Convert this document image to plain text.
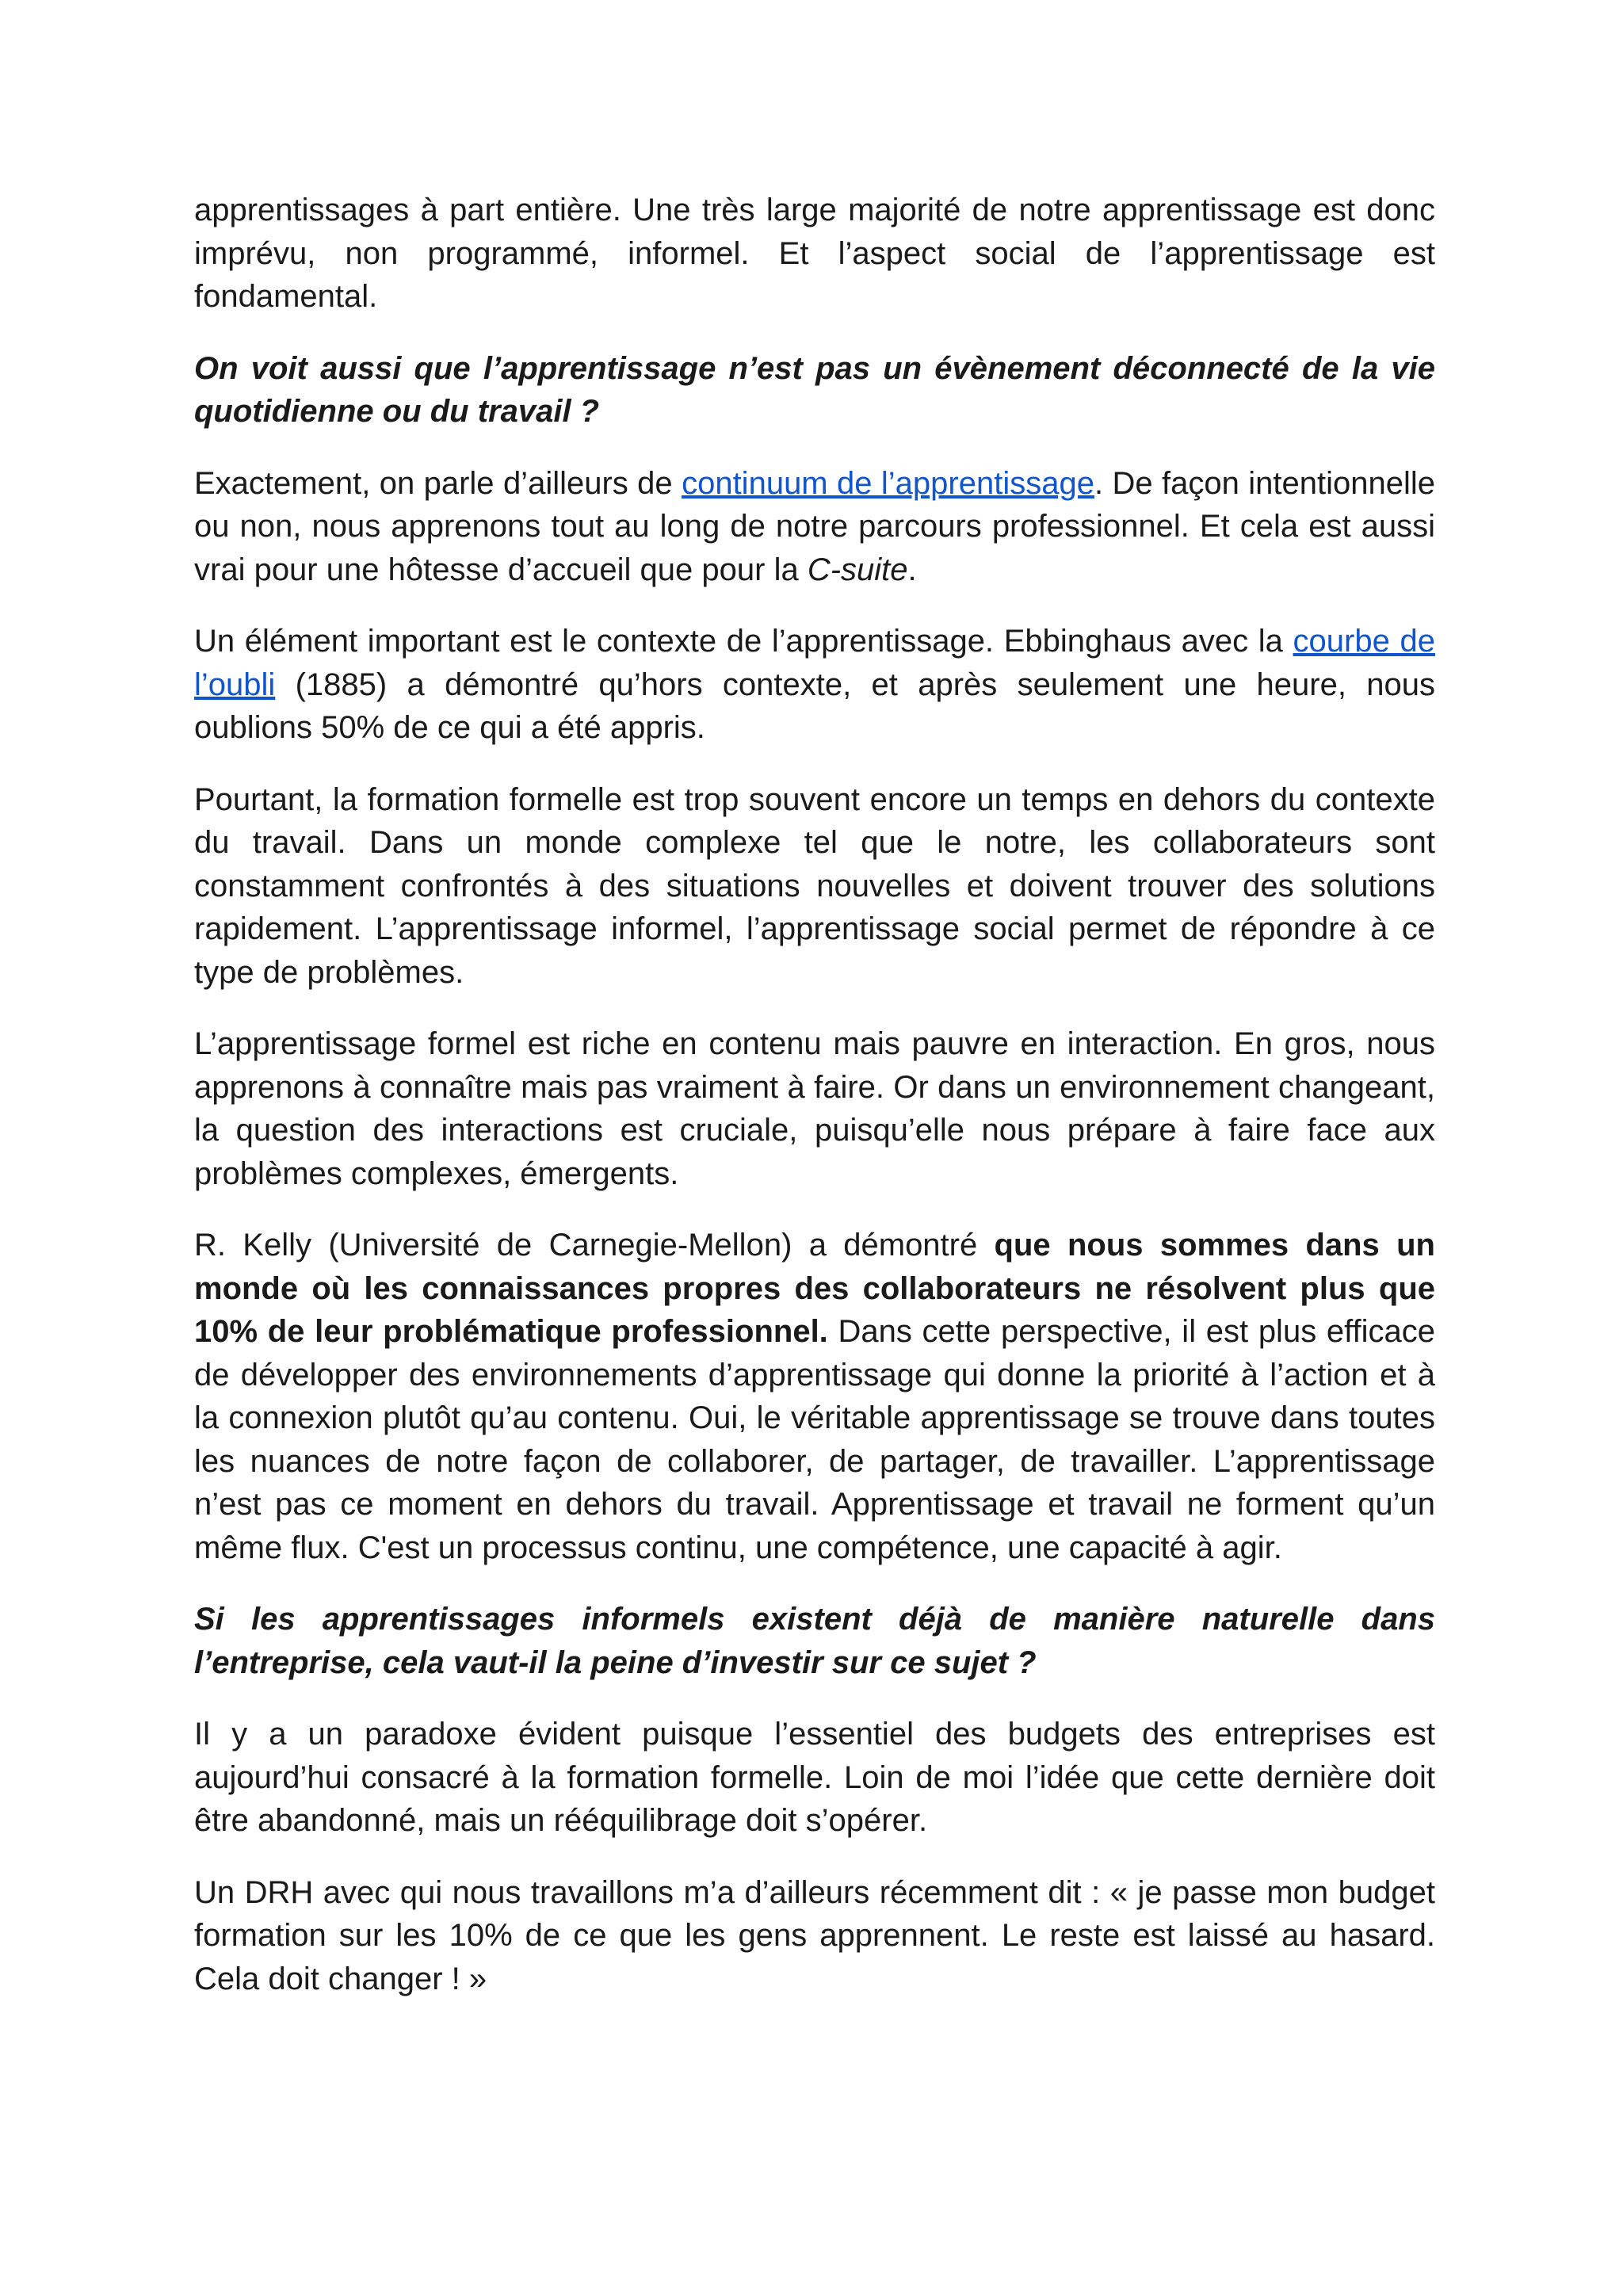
apprentissages à part entière. Une très large majorité de notre apprentissage est donc imprévu, non programmé, informel. Et l’aspect social de l’apprentissage est fondamental.

On voit aussi que l’apprentissage n’est pas un évènement déconnecté de la vie quotidienne ou du travail ?

Exactement, on parle d’ailleurs de continuum de l’apprentissage. De façon intentionnelle ou non, nous apprenons tout au long de notre parcours professionnel. Et cela est aussi vrai pour une hôtesse d’accueil que pour la C-suite.

Un élément important est le contexte de l’apprentissage. Ebbinghaus avec la courbe de l’oubli (1885) a démontré qu’hors contexte, et après seulement une heure, nous oublions 50% de ce qui a été appris.

Pourtant, la formation formelle est trop souvent encore un temps en dehors du contexte du travail. Dans un monde complexe tel que le notre, les collaborateurs sont constamment confrontés à des situations nouvelles et doivent trouver des solutions rapidement. L’apprentissage informel, l’apprentissage social permet de répondre à ce type de problèmes.

L’apprentissage formel est riche en contenu mais pauvre en interaction. En gros, nous apprenons à connaître mais pas vraiment à faire. Or dans un environnement changeant, la question des interactions est cruciale, puisqu’elle nous prépare à faire face aux problèmes complexes, émergents.

R. Kelly (Université de Carnegie-Mellon) a démontré que nous sommes dans un monde où les connaissances propres des collaborateurs ne résolvent plus que 10% de leur problématique professionnel. Dans cette perspective, il est plus efficace de développer des environnements d’apprentissage qui donne la priorité à l’action et à la connexion plutôt qu’au contenu. Oui, le véritable apprentissage se trouve dans toutes les nuances de notre façon de collaborer, de partager, de travailler. L’apprentissage n’est pas ce moment en dehors du travail. Apprentissage et travail ne forment qu’un même flux. C'est un processus continu, une compétence, une capacité à agir.

Si les apprentissages informels existent déjà de manière naturelle dans l’entreprise, cela vaut-il la peine d’investir sur ce sujet ?

Il y a un paradoxe évident puisque l’essentiel des budgets des entreprises est aujourd’hui consacré à la formation formelle. Loin de moi l’idée que cette dernière doit être abandonné, mais un rééquilibrage doit s’opérer.

Un DRH avec qui nous travaillons m’a d’ailleurs récemment dit : « je passe mon budget formation sur les 10% de ce que les gens apprennent. Le reste est laissé au hasard. Cela doit changer ! »
